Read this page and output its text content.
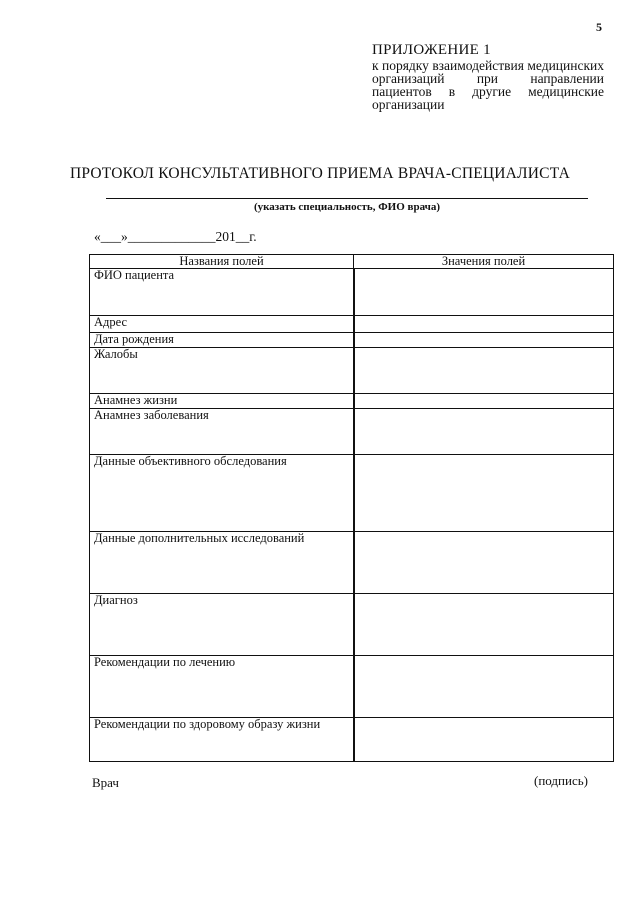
5
ПРИЛОЖЕНИЕ 1
к порядку взаимодействия медицинских организаций при направлении пациентов в другие медицинские организации
ПРОТОКОЛ КОНСУЛЬТАТИВНОГО ПРИЕМА ВРАЧА-СПЕЦИАЛИСТА
(указать специальность, ФИО врача)
«___»_____________201__г.
Названия полей	Значения полей
ФИО пациента	
Адрес	
Дата рождения	
Жалобы	
Анамнез жизни	
Анамнез заболевания	
Данные объективного обследования	
Данные дополнительных исследований	
Диагноз	
Рекомендации по лечению	
Рекомендации по здоровому образу жизни	
Врач	(подпись)
